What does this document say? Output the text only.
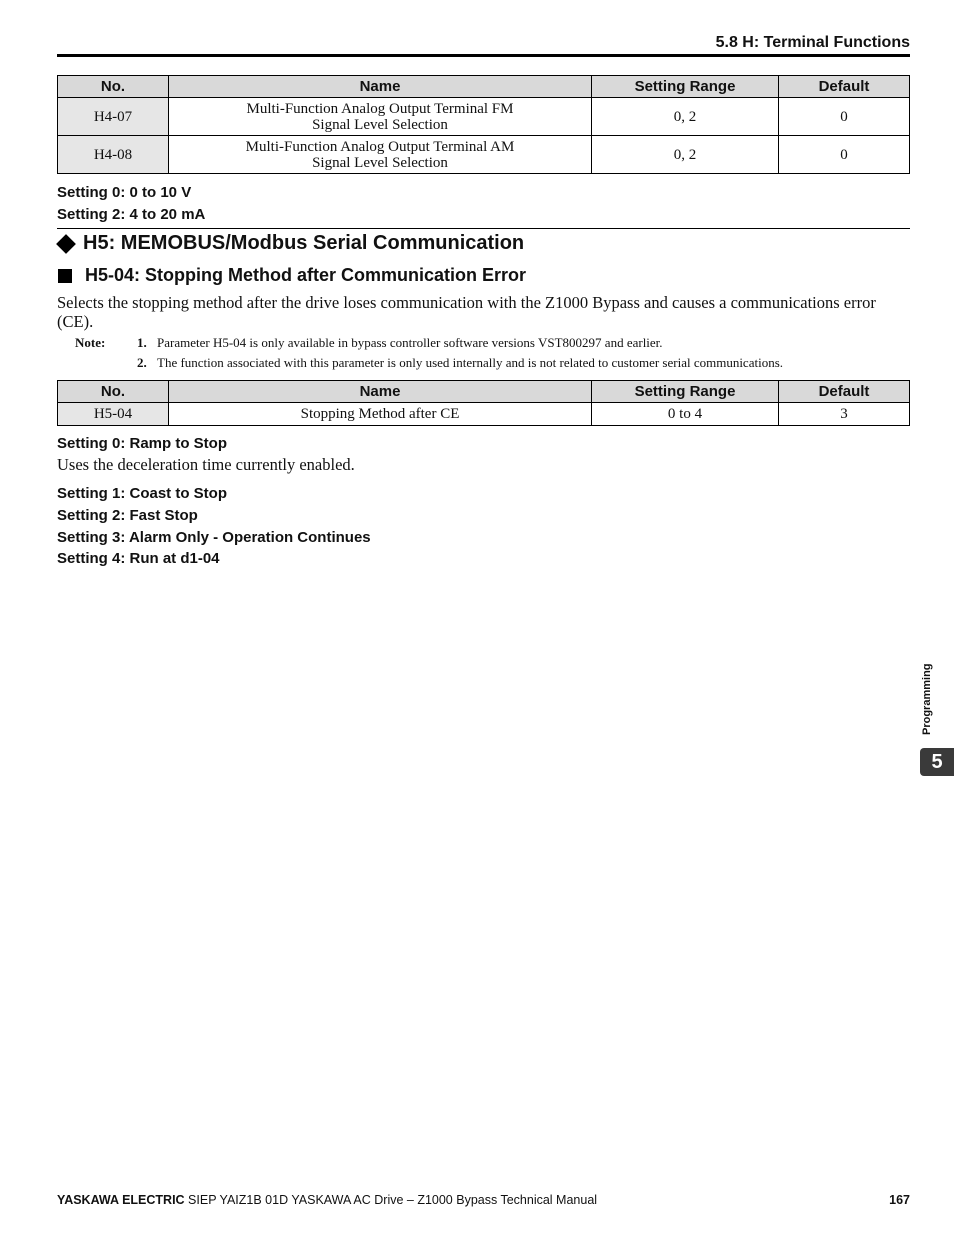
5.8 H: Terminal Functions
No.	Name	Setting Range	Default
H4-07	Multi-Function Analog Output Terminal FM
Signal Level Selection	0, 2	0
H4-08	Multi-Function Analog Output Terminal AM
Signal Level Selection	0, 2	0
Setting 0: 0 to 10 V
Setting 2: 4 to 20 mA
H5: MEMOBUS/Modbus Serial Communication
H5-04: Stopping Method after Communication Error
Selects the stopping method after the drive loses communication with the Z1000 Bypass and causes a communications error (CE).
Note: 1. Parameter H5-04 is only available in bypass controller software versions VST800297 and earlier.
2. The function associated with this parameter is only used internally and is not related to customer serial communications.
No.	Name	Setting Range	Default
H5-04	Stopping Method after CE	0 to 4	3
Setting 0: Ramp to Stop
Uses the deceleration time currently enabled.
Setting 1: Coast to Stop
Setting 2: Fast Stop
Setting 3: Alarm Only - Operation Continues
Setting 4: Run at d1-04
Programming
5
YASKAWA ELECTRIC SIEP YAIZ1B 01D YASKAWA AC Drive – Z1000 Bypass Technical Manual	167
